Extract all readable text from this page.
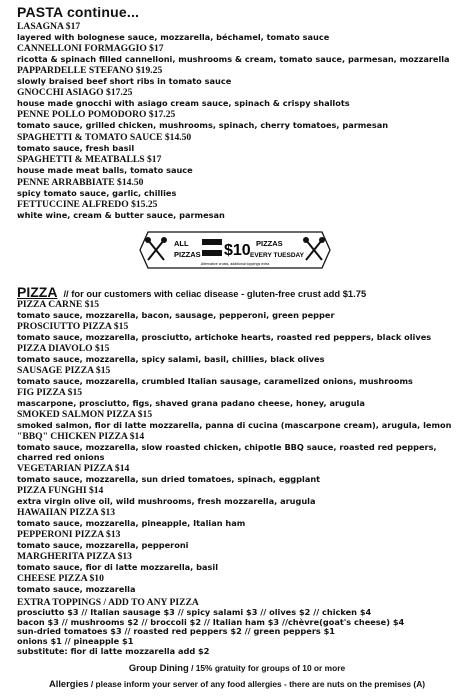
PASTA continue...
LASAGNA $17
layered with bolognese sauce, mozzarella, béchamel, tomato sauce
CANNELLONI FORMAGGIO $17
ricotta & spinach filled cannelloni, mushrooms & cream, tomato sauce, parmesan, mozzarella
PAPPARDELLE STEFANO $19.25
slowly braised beef short ribs in tomato sauce
GNOCCHI ASIAGO $17.25
house made gnocchi with asiago cream sauce, spinach & crispy shallots
PENNE POLLO POMODORO $17.25
tomato sauce, grilled chicken, mushrooms, spinach, cherry tomatoes, parmesan
SPAGHETTI & TOMATO SAUCE $14.50
tomato sauce, fresh basil
SPAGHETTI & MEATBALLS $17
house made meat balls, tomato sauce
PENNE ARRABBIATE $14.50
spicy tomato sauce, garlic, chillies
FETTUCCINE ALFREDO $15.25
white wine, cream & butter sauce, parmesan
ALL
PIZZAS $10 PIZZAS
EVERY TUESDAY
Alternative crusts, additional toppings extra
PIZZA // for our customers with celiac disease - gluten-free crust add $1.75
PIZZA CARNE $15
tomato sauce, mozzarella, bacon, sausage, pepperoni, green pepper
PROSCIUTTO PIZZA $15
tomato sauce, mozzarella, prosciutto, artichoke hearts, roasted red peppers, black olives
PIZZA DIAVOLO $15
tomato sauce, mozzarella, spicy salami, basil, chillies, black olives
SAUSAGE PIZZA $15
tomato sauce, mozzarella, crumbled Italian sausage, caramelized onions, mushrooms
FIG PIZZA $15
mascarpone, prosciutto, figs, shaved grana padano cheese, honey, arugula
SMOKED SALMON PIZZA $15
smoked salmon, fior di latte mozzarella, panna di cucina (mascarpone cream), arugula, lemon
"BBQ" CHICKEN PIZZA $14
tomato sauce, mozzarella, slow roasted chicken, chipotle BBQ sauce, roasted red peppers, charred red onions
VEGETARIAN PIZZA $14
tomato sauce, mozzarella, sun dried tomatoes, spinach, eggplant
PIZZA FUNGHI $14
extra virgin olive oil, wild mushrooms, fresh mozzarella, arugula
HAWAIIAN PIZZA $13
tomato sauce, mozzarella, pineapple, Italian ham
PEPPERONI PIZZA $13
tomato sauce, mozzarella, pepperoni
MARGHERITA PIZZA $13
tomato sauce, fior di latte mozzarella, basil
CHEESE PIZZA $10
tomato sauce, mozzarella
EXTRA TOPPINGS / ADD TO ANY PIZZA
prosciutto $3 // Italian sausage $3 // spicy salami $3 // olives $2 // chicken $4
bacon $3 // mushrooms $2 // broccoli $2 // Italian ham $3 //chèvre(goat's cheese) $4
sun-dried tomatoes $3 // roasted red peppers $2 // green peppers $1
onions $1 // pineapple $1
substitute: fior di latte mozzarella add $2
Group Dining / 15% gratuity for groups of 10 or more
Allergies / please inform your server of any food allergies - there are nuts on the premises (A)
